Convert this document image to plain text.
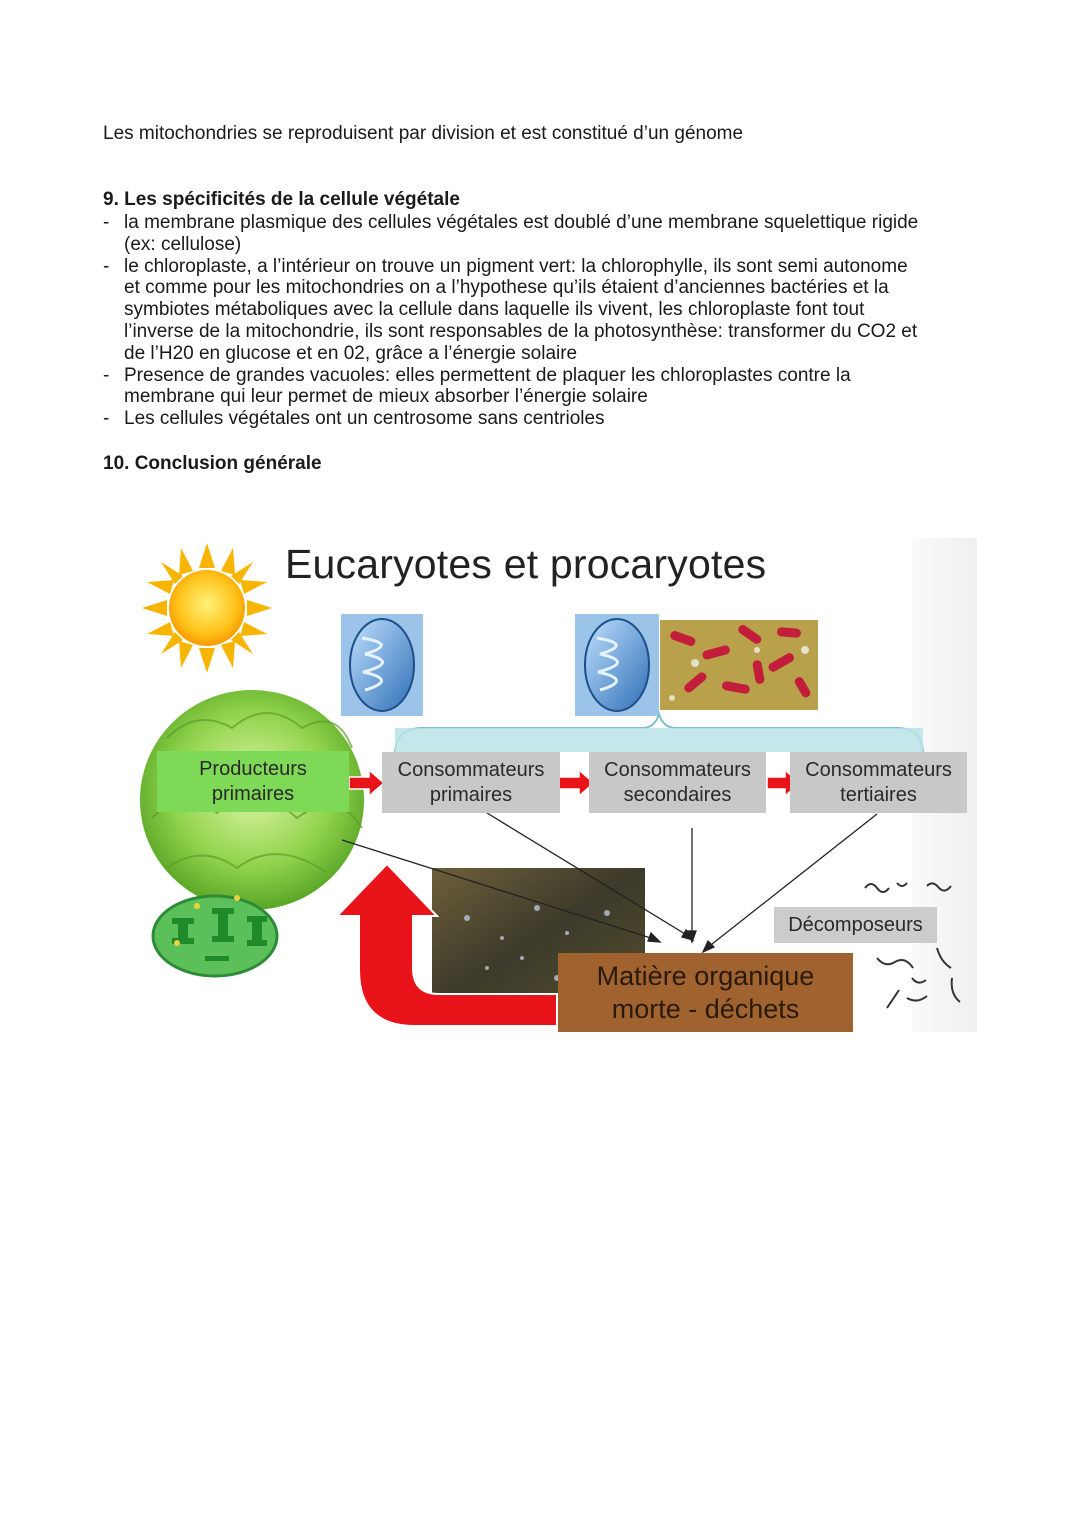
Les mitochondries se reproduisent par division et est constitué d’un génome
9. Les spécificités de la cellule végétale
- la membrane plasmique des cellules végétales est doublé d’une membrane squelettique rigide
(ex: cellulose)
- le chloroplaste, a l’intérieur on trouve un pigment vert: la chlorophylle, ils sont semi autonome
et comme pour les mitochondries on a l’hypothese qu’ils étaient d’anciennes bactéries et la
symbiotes métaboliques avec la cellule dans laquelle ils vivent, les chloroplaste font tout
l’inverse de la mitochondrie, ils sont responsables de la photosynthèse: transformer du CO2 et
de l’H20 en glucose et en 02, grâce a l’énergie solaire
- Presence de grandes vacuoles: elles permettent de plaquer les chloroplastes contre la
membrane qui leur permet de mieux absorber l’énergie solaire
- Les cellules végétales ont un centrosome sans centrioles
10. Conclusion générale
Eucaryotes et procaryotes
Producteurs
primaires
Consommateurs
primaires
Consommateurs
secondaires
Consommateurs
tertiaires
Décomposeurs
Matière organique
morte - déchets
